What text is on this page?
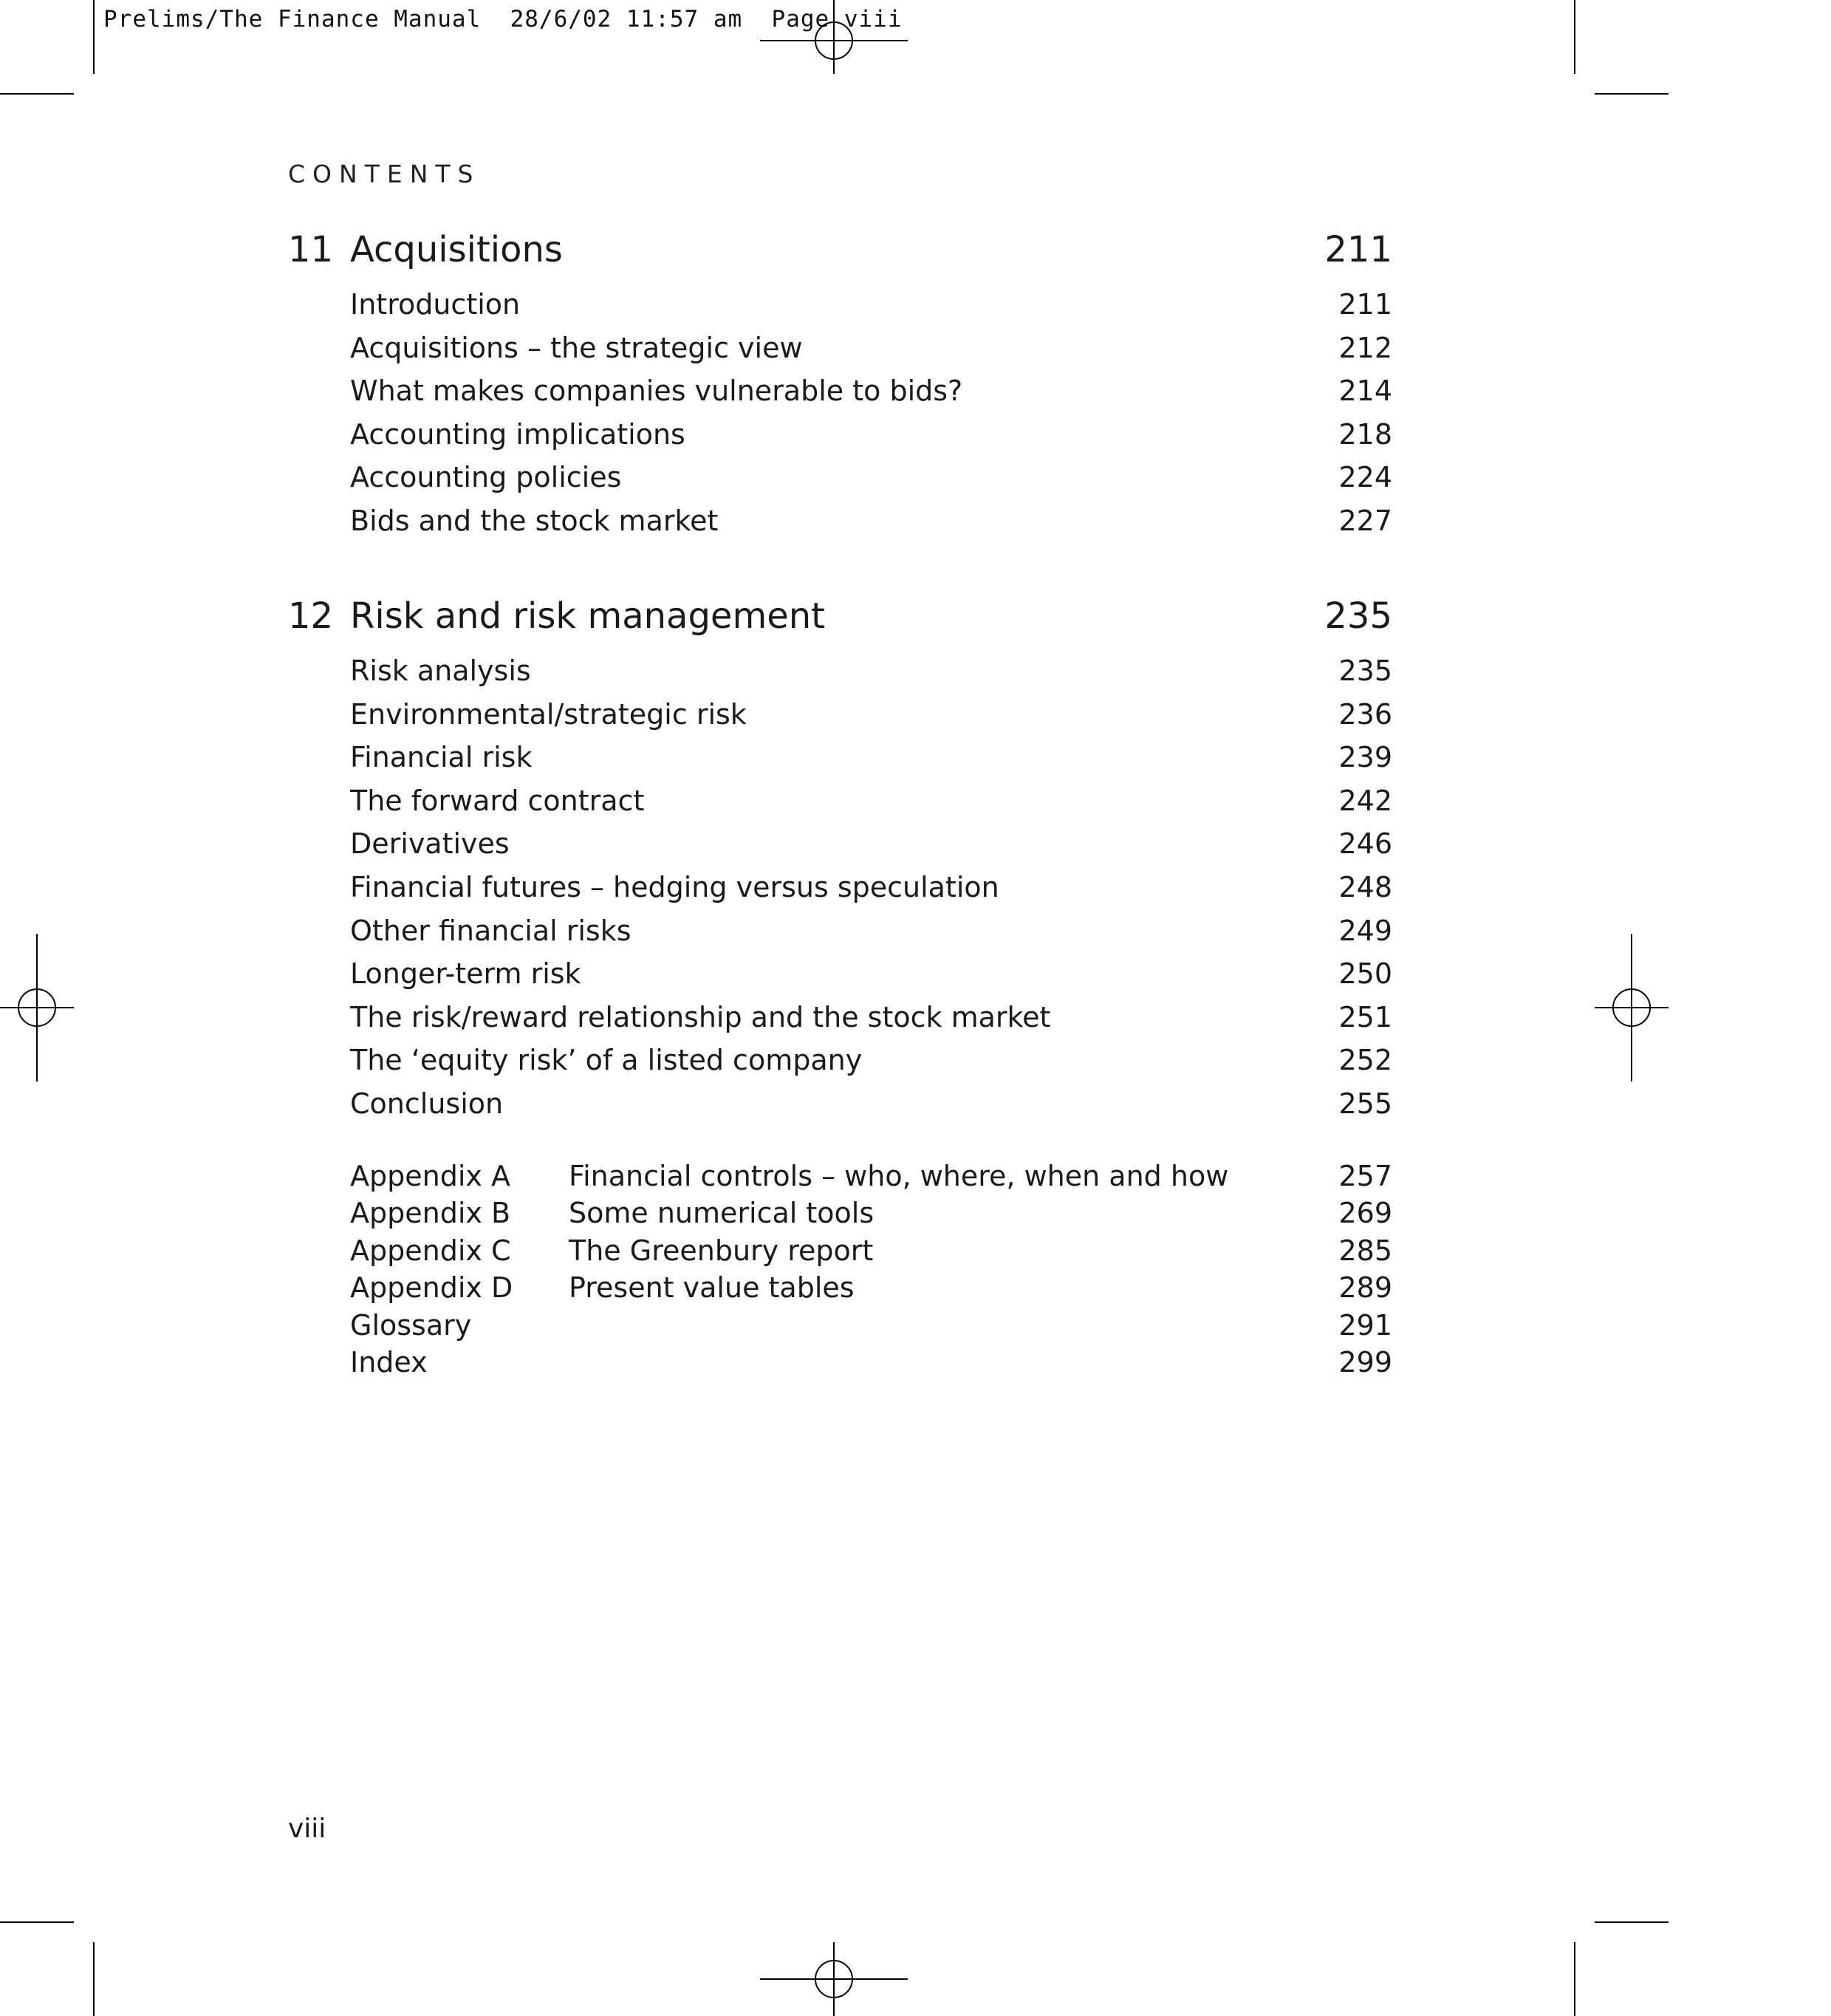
Prelims/The Finance Manual  28/6/02 11:57 am  Page viii
CONTENTS
11 Acquisitions	211
Introduction	211
Acquisitions – the strategic view	212
What makes companies vulnerable to bids?	214
Accounting implications	218
Accounting policies	224
Bids and the stock market	227
12 Risk and risk management	235
Risk analysis	235
Environmental/strategic risk	236
Financial risk	239
The forward contract	242
Derivatives	246
Financial futures – hedging versus speculation	248
Other financial risks	249
Longer-term risk	250
The risk/reward relationship and the stock market	251
The ‘equity risk’ of a listed company	252
Conclusion	255
Appendix A Financial controls – who, where, when and how	257
Appendix B Some numerical tools	269
Appendix C The Greenbury report	285
Appendix D Present value tables	289
Glossary	291
Index	299
viii
